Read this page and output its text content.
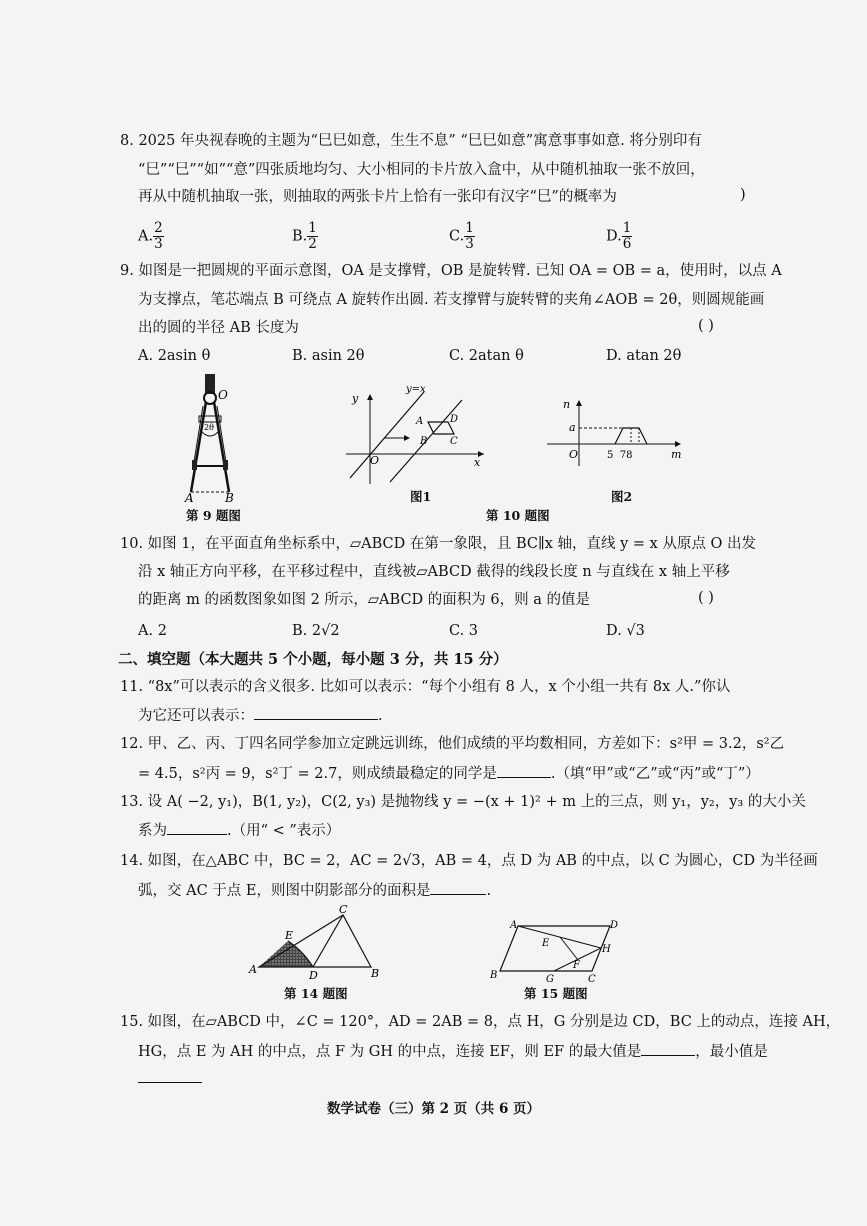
8. 2025 年央视春晚的主题为“巳巳如意，生生不息” “巳巳如意”寓意事事如意. 将分别印有
“巳”“巳”“如”“意”四张质地均匀、大小相同的卡片放入盒中，从中随机抽取一张不放回，
再从中随机抽取一张，则抽取的两张卡片上恰有一张印有汉字“巳”的概率为	)
A. $\frac{2}{3}$	B. $\frac{1}{2}$	C. $\frac{1}{3}$	D. $\frac{1}{6}$
9. 如图是一把圆规的平面示意图，OA 是支撑臂，OB 是旋转臂. 已知 OA = OB = a，使用时，以点 A
为支撑点，笔芯端点 B 可绕点 A 旋转作出圆. 若支撑臂与旋转臂的夹角∠AOB = 2θ，则圆规能画
出的圆的半径 AB 长度为	( )
A. 2asin θ	B. asin 2θ	C. 2atan θ	D. atan 2θ
O
2θ
A	B
第 9 题图
y
x
O
y=x
A
B C
D
图1
n
m
O
a
5  78
图2
第 10 题图
10. 如图 1，在平面直角坐标系中，▱ABCD 在第一象限，且 BC∥x 轴，直线 y = x 从原点 O 出发
沿 x 轴正方向平移，在平移过程中，直线被▱ABCD 截得的线段长度 n 与直线在 x 轴上平移
的距离 m 的函数图象如图 2 所示，▱ABCD 的面积为 6，则 a 的值是	( )
A. 2	B. 2√2	C. 3	D. √3
二、填空题（本大题共 5 个小题，每小题 3 分，共 15 分）
11. “8x”可以表示的含义很多. 比如可以表示：“每个小组有 8 人，x 个小组一共有 8x 人.”你认
为它还可以表示：	.
12. 甲、乙、丙、丁四名同学参加立定跳远训练，他们成绩的平均数相同，方差如下：s²甲 = 3.2，s²乙
= 4.5，s²丙 = 9，s²丁 = 2.7，则成绩最稳定的同学是	.（填“甲”或“乙”或“丙”或“丁”）
13. 设 A( −2, y₁)，B(1, y₂)，C(2, y₃) 是抛物线 y = −(x + 1)² + m 上的三点，则 y₁，y₂，y₃ 的大小关
系为	.（用“ < ”表示）
14. 如图，在△ABC 中，BC = 2，AC = 2√3，AB = 4，点 D 为 AB 的中点，以 C 为圆心，CD 为半径画
弧，交 AC 于点 E，则图中阴影部分的面积是	.
A	B
C
D
E
第 14 题图
A
B	C
D
E
F
G
H
第 15 题图
15. 如图，在▱ABCD 中，∠C = 120°，AD = 2AB = 8，点 H，G 分别是边 CD，BC 上的动点，连接 AH，
HG，点 E 为 AH 的中点，点 F 为 GH 的中点，连接 EF，则 EF 的最大值是	，最小值是
数学试卷（三）第 2 页（共 6 页）
